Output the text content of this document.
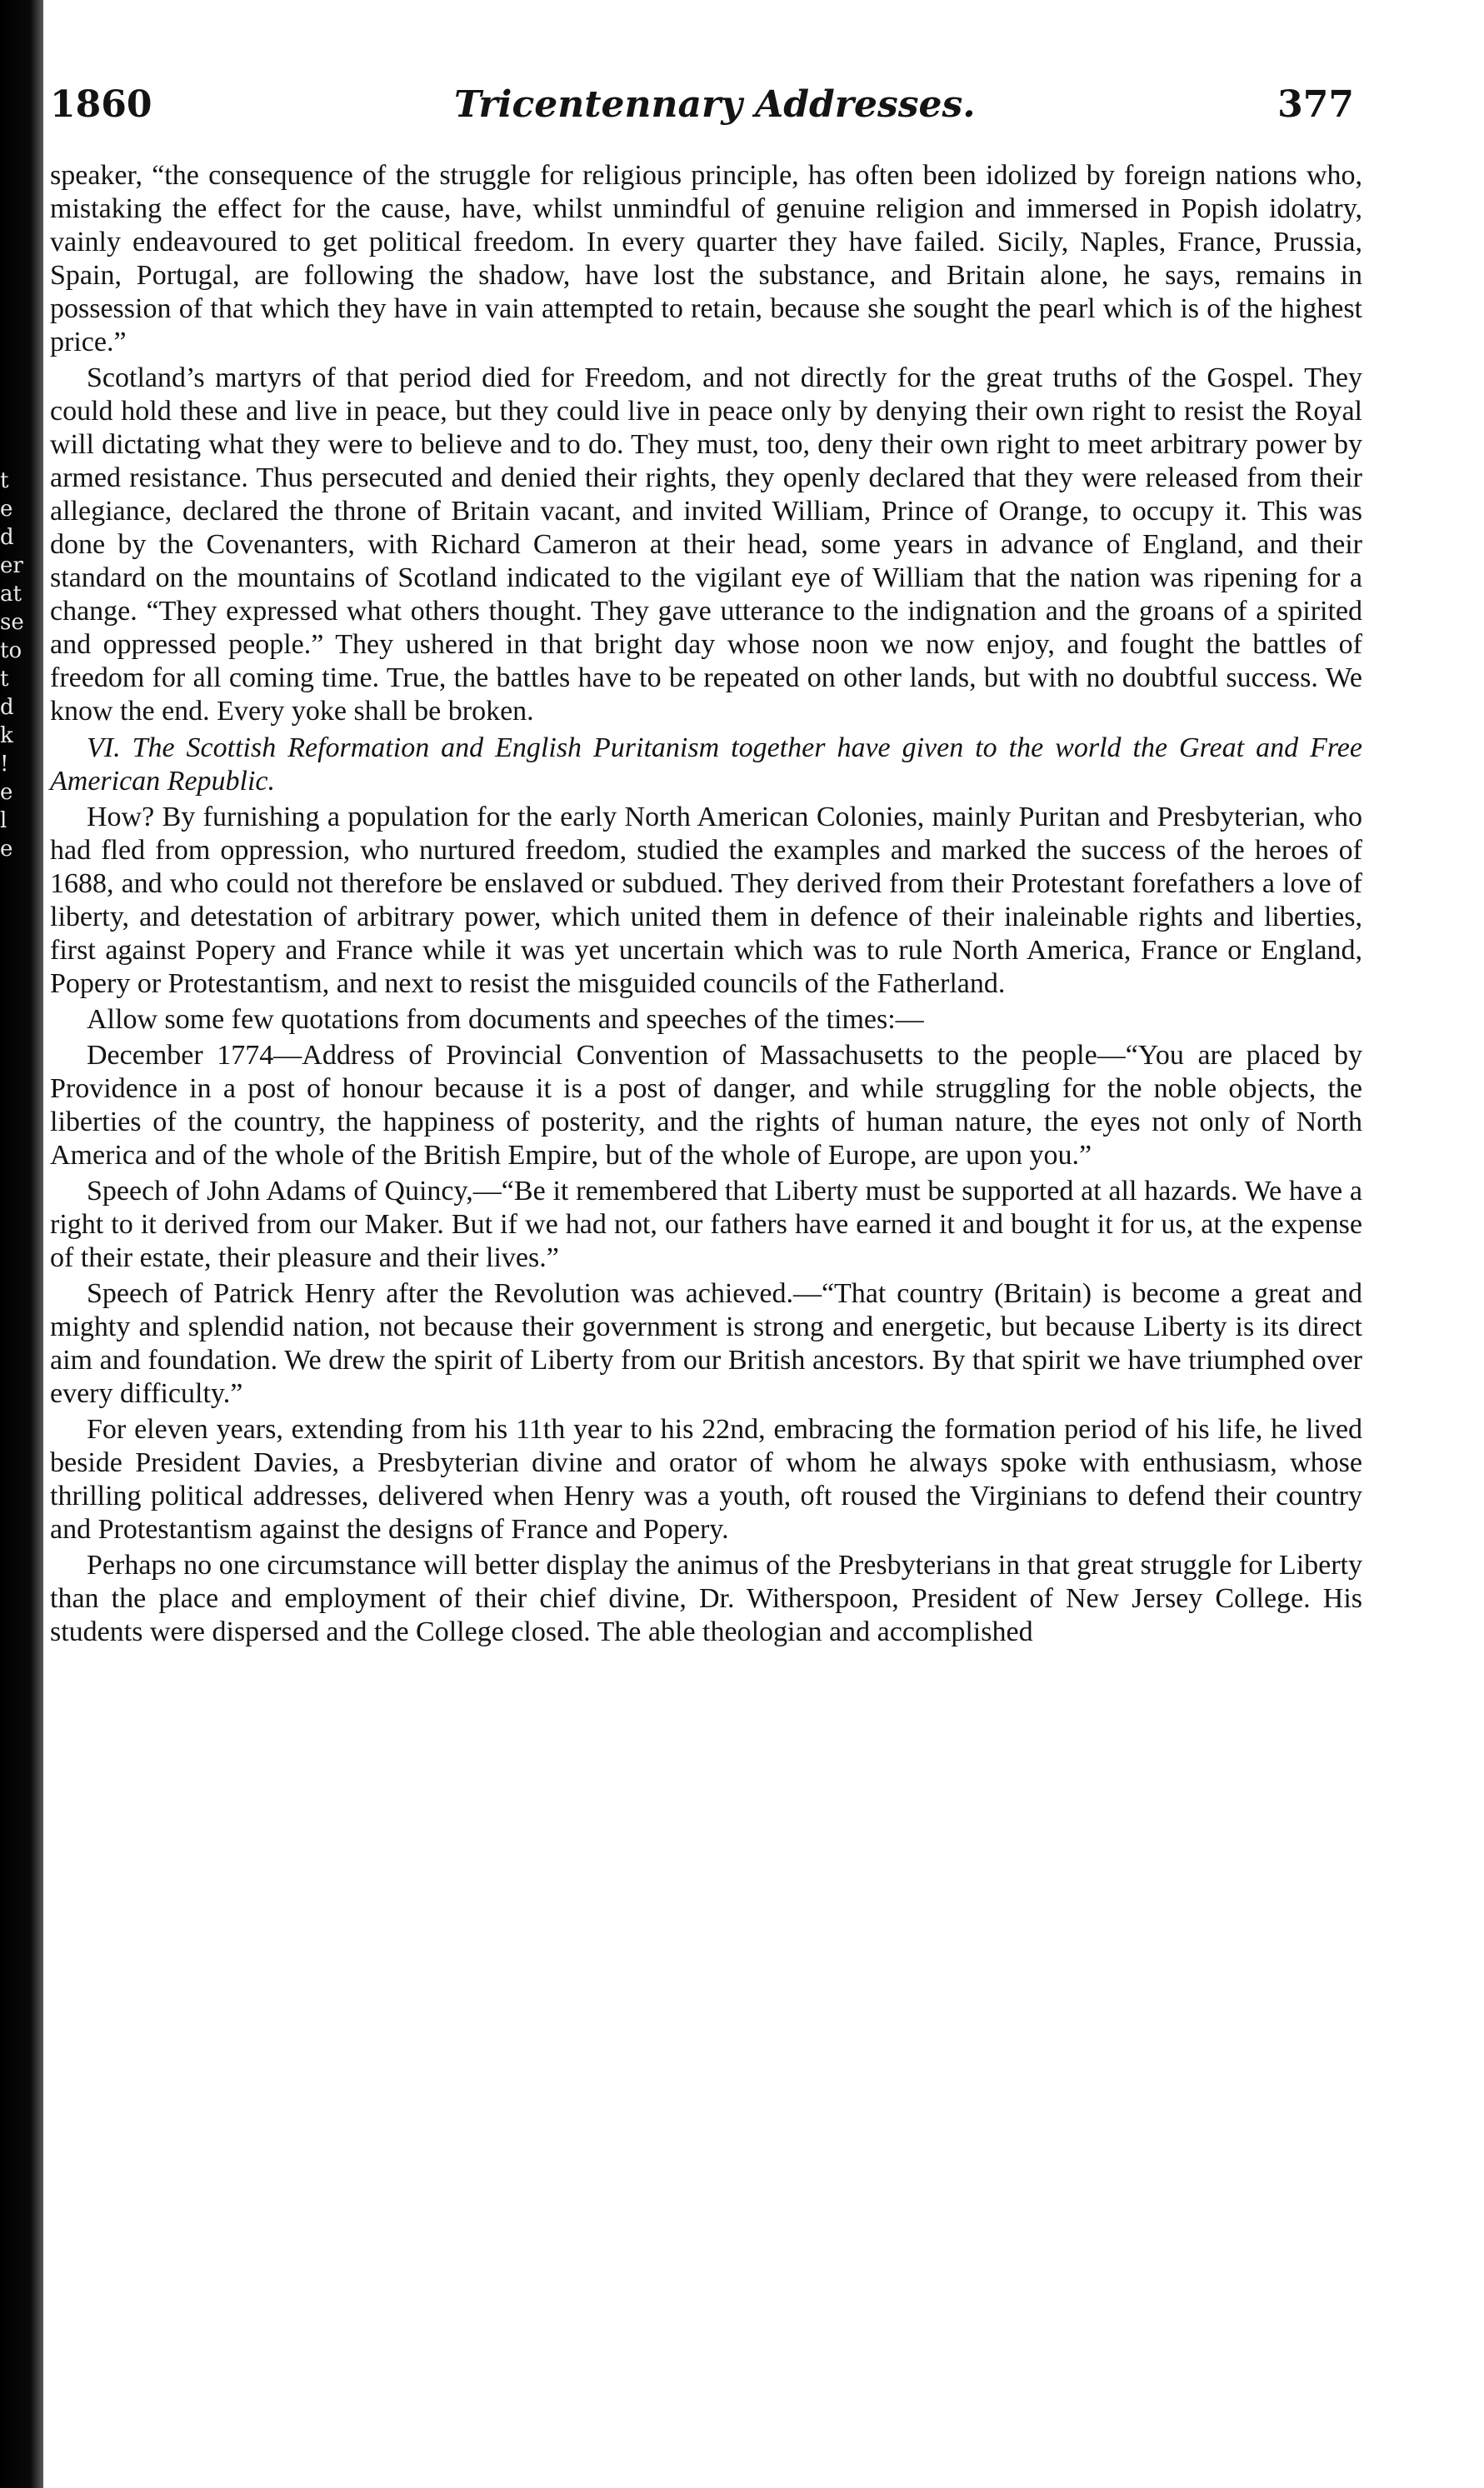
t
e
d
er
at
se
to
t
d
k
!
e
l
e
1860	Tricentennary Addresses.	377

speaker, “the consequence of the struggle for religious principle, has often been idolized by foreign nations who, mistaking the effect for the cause, have, whilst unmindful of genuine religion and immersed in Popish idolatry, vainly endeavoured to get political freedom. In every quarter they have failed. Sicily, Naples, France, Prussia, Spain, Portugal, are following the shadow, have lost the substance, and Britain alone, he says, remains in possession of that which they have in vain attempted to retain, because she sought the pearl which is of the highest price.”

Scotland’s martyrs of that period died for Freedom, and not directly for the great truths of the Gospel. They could hold these and live in peace, but they could live in peace only by denying their own right to resist the Royal will dictating what they were to believe and to do. They must, too, deny their own right to meet arbitrary power by armed resistance. Thus persecuted and denied their rights, they openly declared that they were released from their allegiance, declared the throne of Britain vacant, and invited William, Prince of Orange, to occupy it. This was done by the Covenanters, with Richard Cameron at their head, some years in advance of England, and their standard on the mountains of Scotland indicated to the vigilant eye of William that the nation was ripening for a change. “They expressed what others thought. They gave utterance to the indignation and the groans of a spirited and oppressed people.” They ushered in that bright day whose noon we now enjoy, and fought the battles of freedom for all coming time. True, the battles have to be repeated on other lands, but with no doubtful success. We know the end. Every yoke shall be broken.

VI. The Scottish Reformation and English Puritanism together have given to the world the Great and Free American Republic.

How? By furnishing a population for the early North American Colonies, mainly Puritan and Presbyterian, who had fled from oppression, who nurtured freedom, studied the examples and marked the success of the heroes of 1688, and who could not therefore be enslaved or subdued. They derived from their Protestant forefathers a love of liberty, and detestation of arbitrary power, which united them in defence of their inaleinable rights and liberties, first against Popery and France while it was yet uncertain which was to rule North America, France or England, Popery or Protestantism, and next to resist the misguided councils of the Fatherland.

Allow some few quotations from documents and speeches of the times:—

December 1774—Address of Provincial Convention of Massachusetts to the people—“You are placed by Providence in a post of honour because it is a post of danger, and while struggling for the noble objects, the liberties of the country, the happiness of posterity, and the rights of human nature, the eyes not only of North America and of the whole of the British Empire, but of the whole of Europe, are upon you.”

Speech of John Adams of Quincy,—“Be it remembered that Liberty must be supported at all hazards. We have a right to it derived from our Maker. But if we had not, our fathers have earned it and bought it for us, at the expense of their estate, their pleasure and their lives.”

Speech of Patrick Henry after the Revolution was achieved.—“That country (Britain) is become a great and mighty and splendid nation, not because their government is strong and energetic, but because Liberty is its direct aim and foundation. We drew the spirit of Liberty from our British ancestors. By that spirit we have triumphed over every difficulty.”

For eleven years, extending from his 11th year to his 22nd, embracing the formation period of his life, he lived beside President Davies, a Presbyterian divine and orator of whom he always spoke with enthusiasm, whose thrilling political addresses, delivered when Henry was a youth, oft roused the Virginians to defend their country and Protestantism against the designs of France and Popery.

Perhaps no one circumstance will better display the animus of the Presbyterians in that great struggle for Liberty than the place and employment of their chief divine, Dr. Witherspoon, President of New Jersey College. His students were dispersed and the College closed. The able theologian and accomplished
